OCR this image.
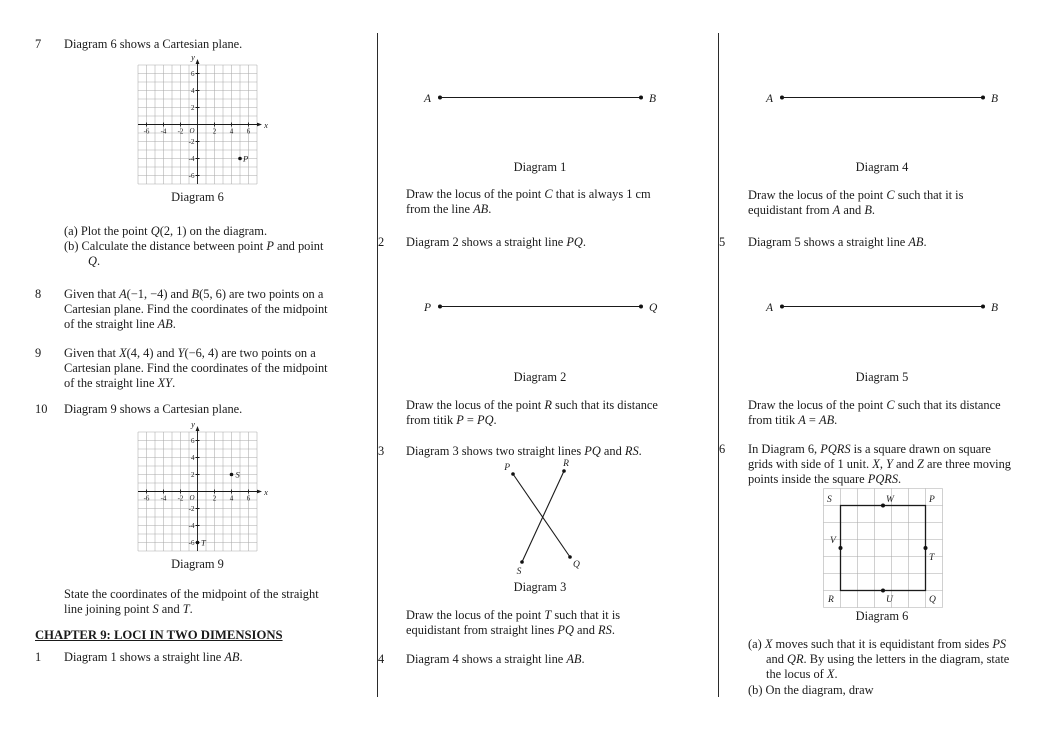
7 Diagram 6 shows a Cartesian plane.
y
x
O
-6 -4 -2	2 4 6
6
4
2
-2
-4
-6
P
Diagram 6
(a) Plot the point Q(2, 1) on the diagram.
(b) Calculate the distance between point P and point
Q.
8 Given that A(−1, −4) and B(5, 6) are two points on a
Cartesian plane. Find the coordinates of the midpoint
of the straight line AB.
9 Given that X(4, 4) and Y(−6, 4) are two points on a
Cartesian plane. Find the coordinates of the midpoint
of the straight line XY.
10 Diagram 9 shows a Cartesian plane.
y
x
O
-6 -4 -2	2 4 6
6
4
2
-2
-4
-6
S
T
Diagram 9
State the coordinates of the midpoint of the straight
line joining point S and T.
CHAPTER 9: LOCI IN TWO DIMENSIONS
1 Diagram 1 shows a straight line AB.
A	B
Diagram 1
Draw the locus of the point C that is always 1 cm
from the line AB.
2 Diagram 2 shows a straight line PQ.
P	Q
Diagram 2
Draw the locus of the point R such that its distance
from titik P = PQ.
3 Diagram 3 shows two straight lines PQ and RS.
P	R
S
Q
Diagram 3
Draw the locus of the point T such that it is
equidistant from straight lines PQ and RS.
4 Diagram 4 shows a straight line AB.
A	B
Diagram 4
Draw the locus of the point C such that it is
equidistant from A and B.
5 Diagram 5 shows a straight line AB.
A	B
Diagram 5
Draw the locus of the point C such that its distance
from titik A = AB.
6 In Diagram 6, PQRS is a square drawn on square
grids with side of 1 unit. X, Y and Z are three moving
points inside the square PQRS.
S	W	P
V
T
R	U	Q
Diagram 6
(a) X moves such that it is equidistant from sides PS
and QR. By using the letters in the diagram, state
the locus of X.
(b) On the diagram, draw
